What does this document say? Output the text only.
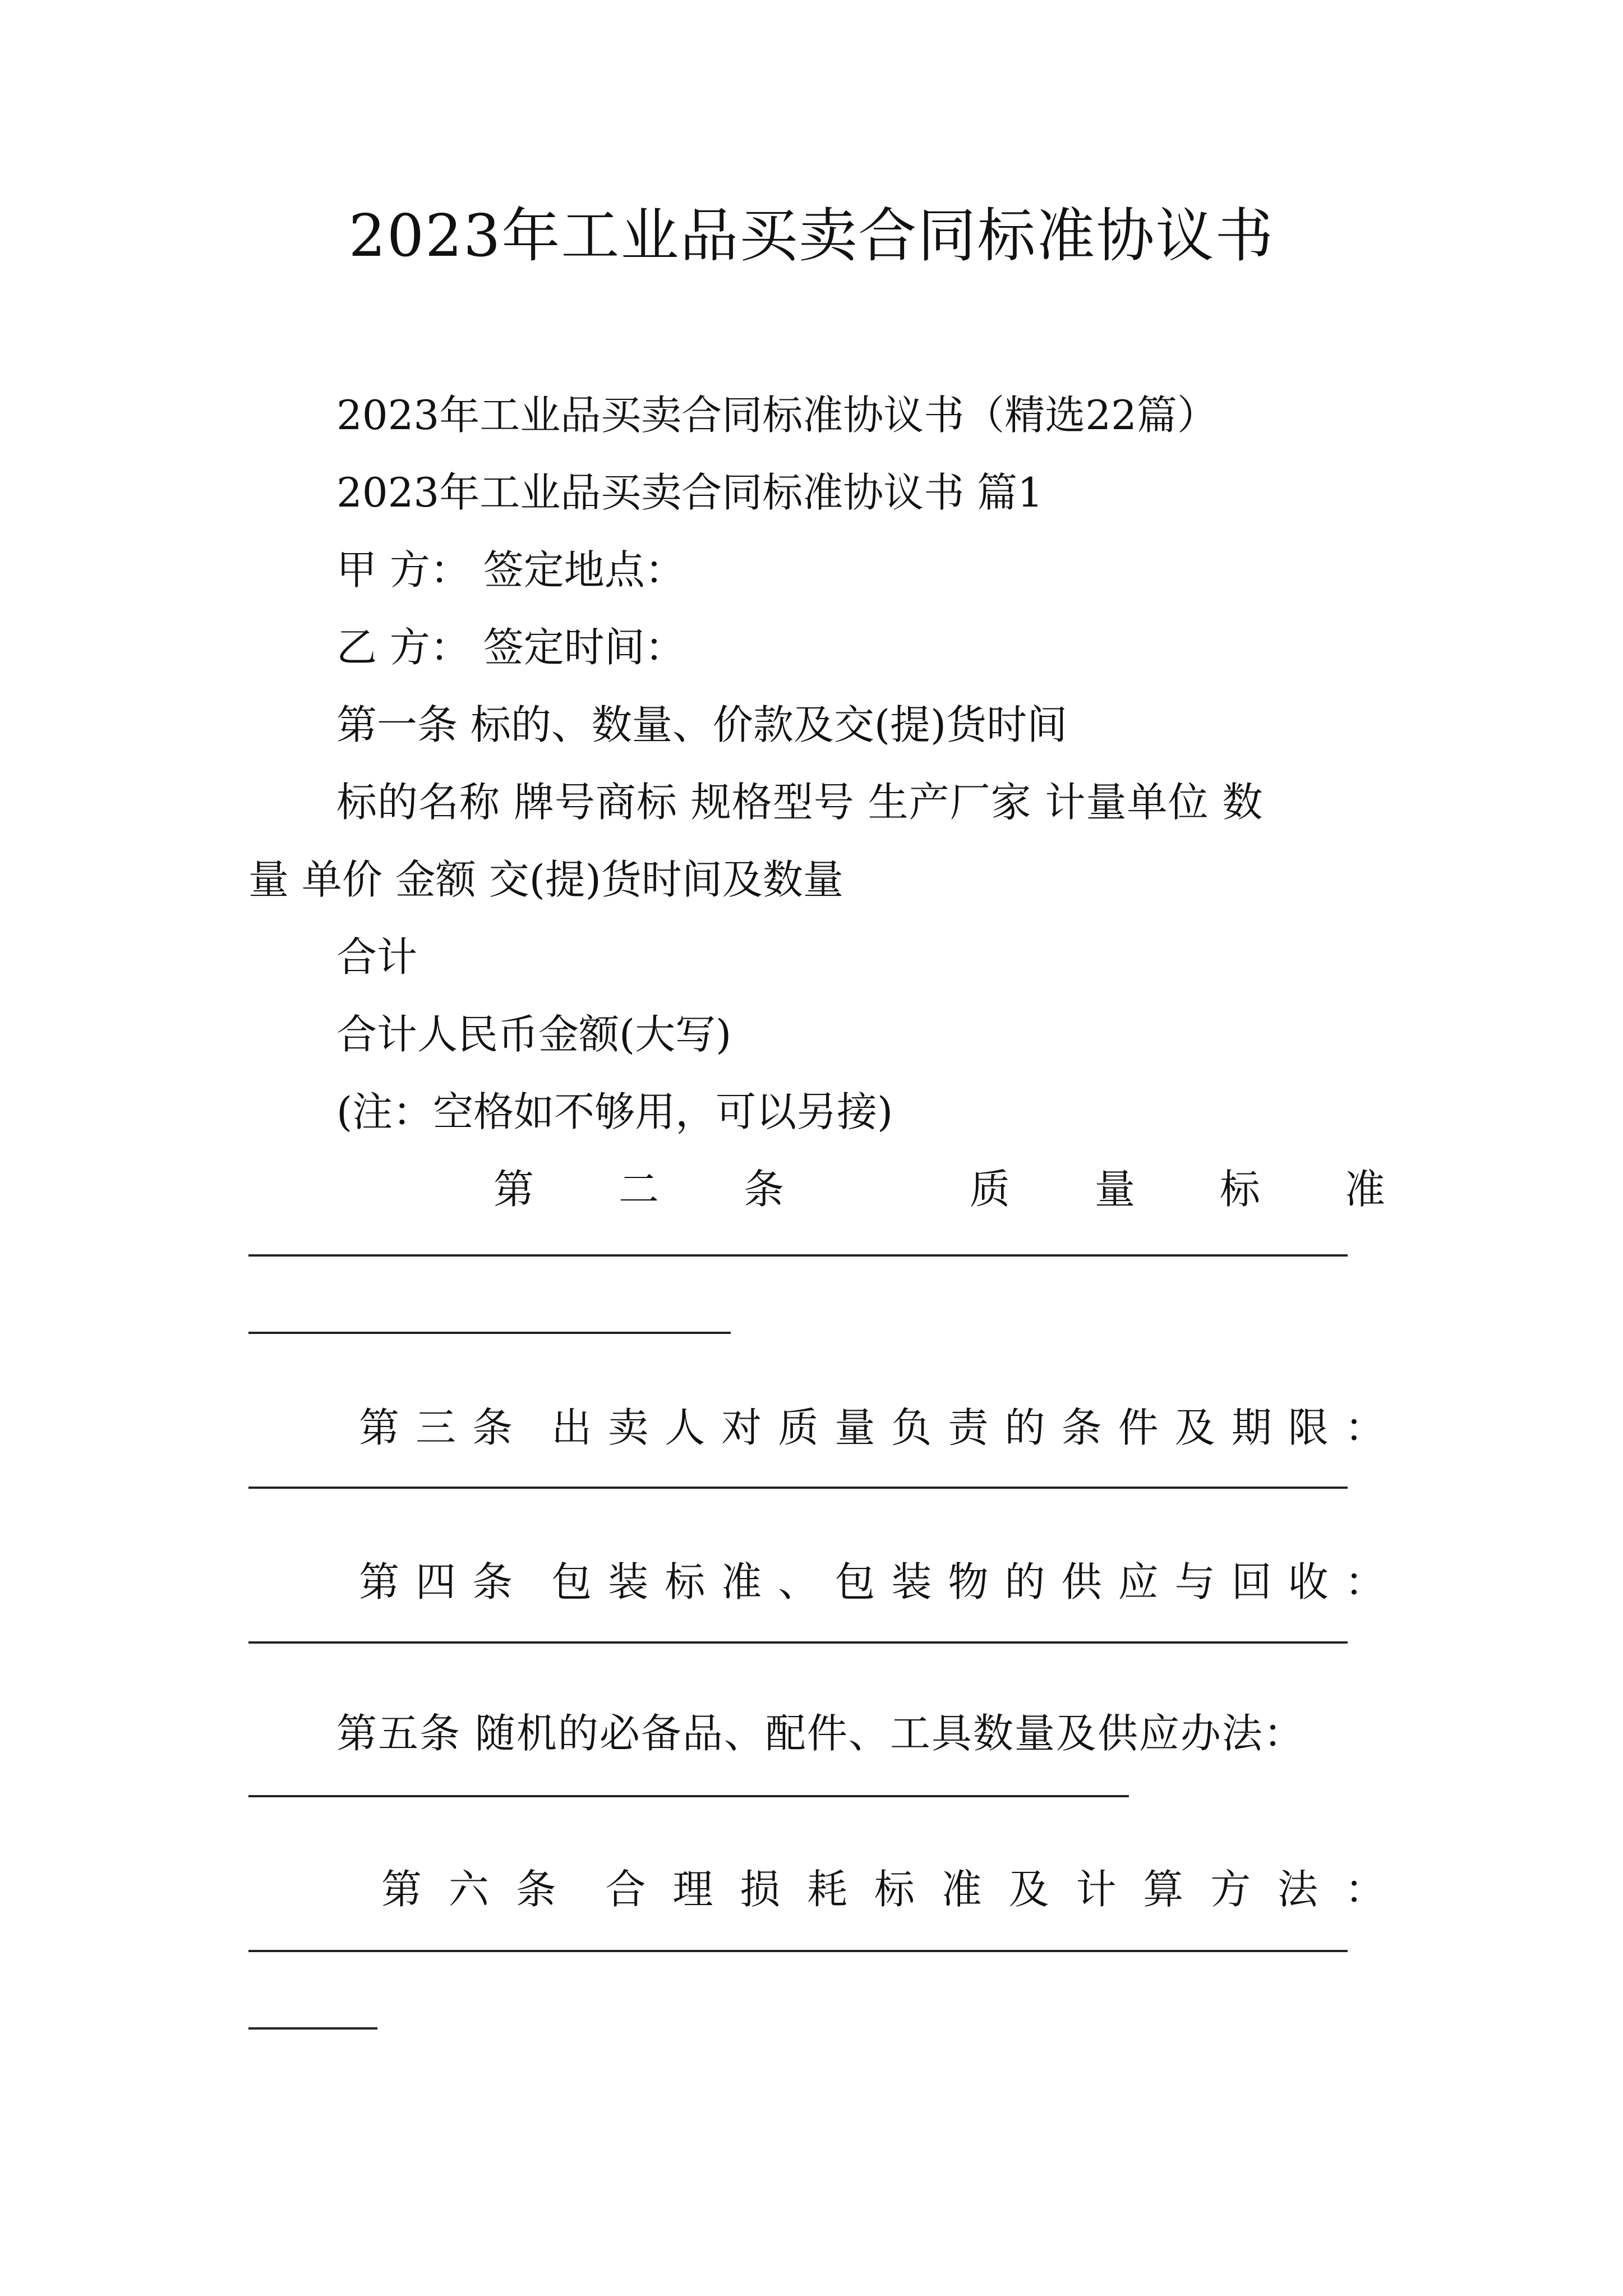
2023年工业品买卖合同标准协议书
2023年工业品买卖合同标准协议书（精选22篇）
2023年工业品买卖合同标准协议书 篇1
甲 方： 签定地点：
乙 方： 签定时间：
第一条 标的、数量、价款及交(提)货时间
标的名称 牌号商标 规格型号 生产厂家 计量单位 数
量 单价 金额 交(提)货时间及数量
合计
合计人民币金额(大写)
(注：空格如不够用，可以另接)
第 二 条	质 量 标 准
第 三 条 出 卖 人 对 质 量 负 责 的 条 件 及 期 限 ：
第 四 条 包 装 标 准 、 包 装 物 的 供 应 与 回 收 ：
第五条 随机的必备品、配件、工具数量及供应办法：
第 六 条 合 理 损 耗 标 准 及 计 算 方 法 ：
